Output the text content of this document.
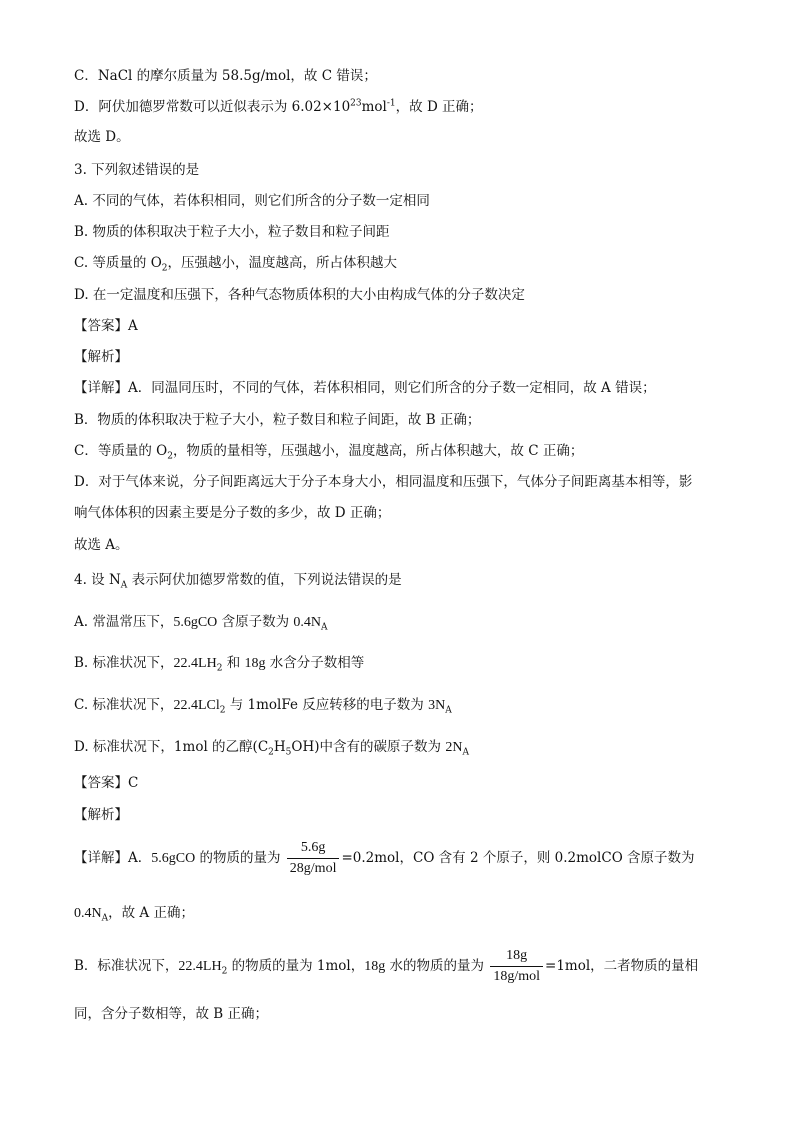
C．NaCl 的摩尔质量为 58.5g/mol，故 C 错误；
D．阿伏加德罗常数可以近似表示为 $6.02\times 10^{23}mol^{-1}$，故 D 正确；
故选 D。
3. 下列叙述错误的是
A. 不同的气体，若体积相同，则它们所含的分子数一定相同
B. 物质的体积取决于粒子大小，粒子数目和粒子间距
C. 等质量的 $O_2$，压强越小，温度越高，所占体积越大
D. 在一定温度和压强下，各种气态物质体积的大小由构成气体的分子数决定
【答案】A
【解析】
【详解】A．同温同压时，不同的气体，若体积相同，则它们所含的分子数一定相同，故 A 错误；
B．物质的体积取决于粒子大小，粒子数目和粒子间距，故 B 正确；
C．等质量的 $O_2$，物质的量相等，压强越小，温度越高，所占体积越大，故 C 正确；
D．对于气体来说，分子间距离远大于分子本身大小，相同温度和压强下，气体分子间距离基本相等，影
响气体体积的因素主要是分子数的多少，故 D 正确；
故选 A。
4. 设 $N_A$ 表示阿伏加德罗常数的值，下列说法错误的是
A. 常温常压下，5.6gCO 含原子数为 $0.4N_A$
B. 标准状况下，$22.4LH_2$ 和 18g 水含分子数相等
C. 标准状况下，22.4LCl$_2$ 与 1molFe 反应转移的电子数为 $3N_A$
D. 标准状况下，1mol 的乙醇$(C_2H_5OH)$中含有的碳原子数为 $2N_A$
【答案】C
【解析】
【详解】A．5.6gCO 的物质的量为 $\frac{5.6g}{\text{28g/mol}} =0.2mol$，CO 含有 2 个原子，则 0.2molCO 含原子数为
$0.4N_A$，故 A 正确；
B．标准状况下，$22.4LH_2$ 的物质的量为 1mol，18g 水的物质的量为 $\frac{18g}{\text{18g/mol}} =1mol$，二者物质的量相
同，含分子数相等，故 B 正确；
